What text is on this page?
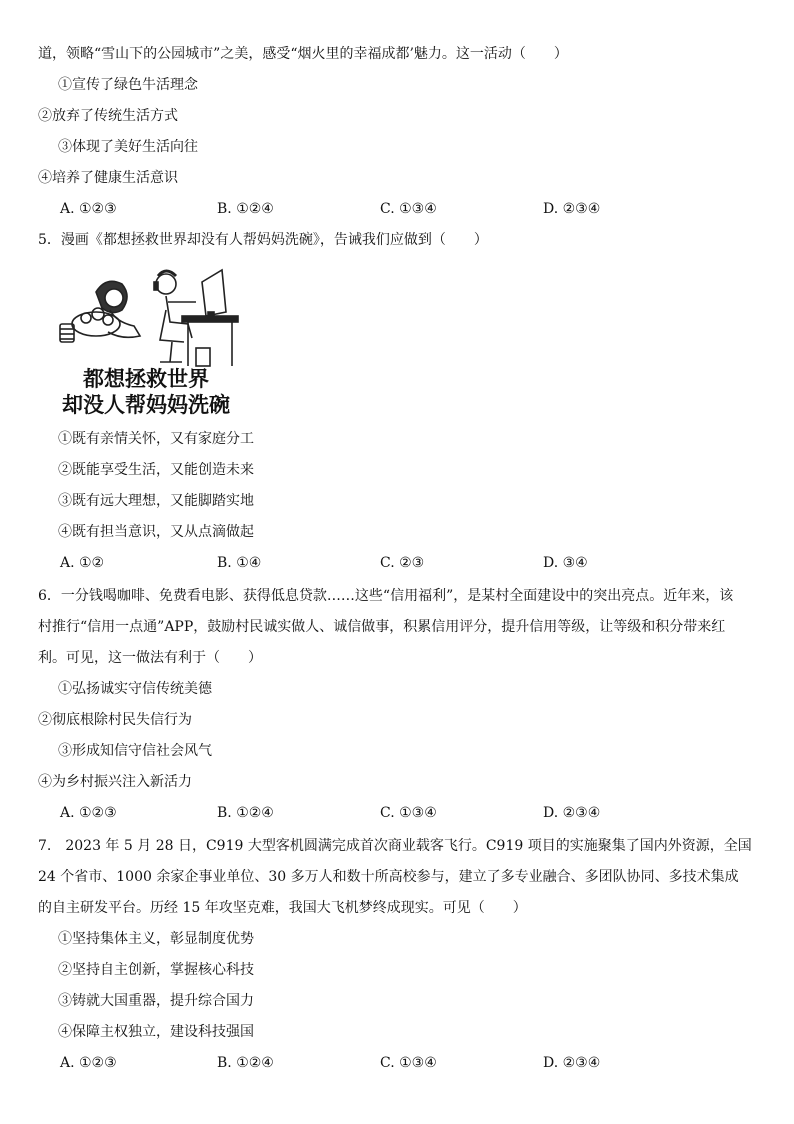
道，领略“雪山下的公园城市”之美，感受“烟火里的幸福成都’魅力。这一活动（　　）
①宣传了绿色牛活理念
②放弃了传统生活方式
③体现了美好生活向往
④培养了健康生活意识
A. ①②③	B. ①②④	C. ①③④	D. ②③④
5．漫画《都想拯救世界却没有人帮妈妈洗碗》，告诫我们应做到（　　）
都想拯救世界
却没人帮妈妈洗碗
①既有亲情关怀，又有家庭分工
②既能享受生活，又能创造未来
③既有远大理想，又能脚踏实地
④既有担当意识，又从点滴做起
A. ①②	B. ①④	C. ②③	D. ③④
6．一分钱喝咖啡、免费看电影、获得低息贷款……这些“信用福利”，是某村全面建设中的突出亮点。近年来，该
村推行“信用一点通”APP，鼓励村民诚实做人、诚信做事，积累信用评分，提升信用等级，让等级和积分带来红
利。可见，这一做法有利于（　　）
①弘扬诚实守信传统美德
②彻底根除村民失信行为
③形成知信守信社会风气
④为乡村振兴注入新活力
A. ①②③	B. ①②④	C. ①③④	D. ②③④
7.　2023 年 5 月 28 日，C919 大型客机圆满完成首次商业载客飞行。C919 项目的实施聚集了国内外资源，全国
24 个省市、1000 余家企事业单位、30 多万人和数十所高校参与，建立了多专业融合、多团队协同、多技术集成
的自主研发平台。历经 15 年攻坚克难，我国大飞机梦终成现实。可见（　　）
①坚持集体主义，彰显制度优势
②坚持自主创新，掌握核心科技
③铸就大国重器，提升综合国力
④保障主权独立，建设科技强国
A. ①②③	B. ①②④	C. ①③④	D. ②③④
